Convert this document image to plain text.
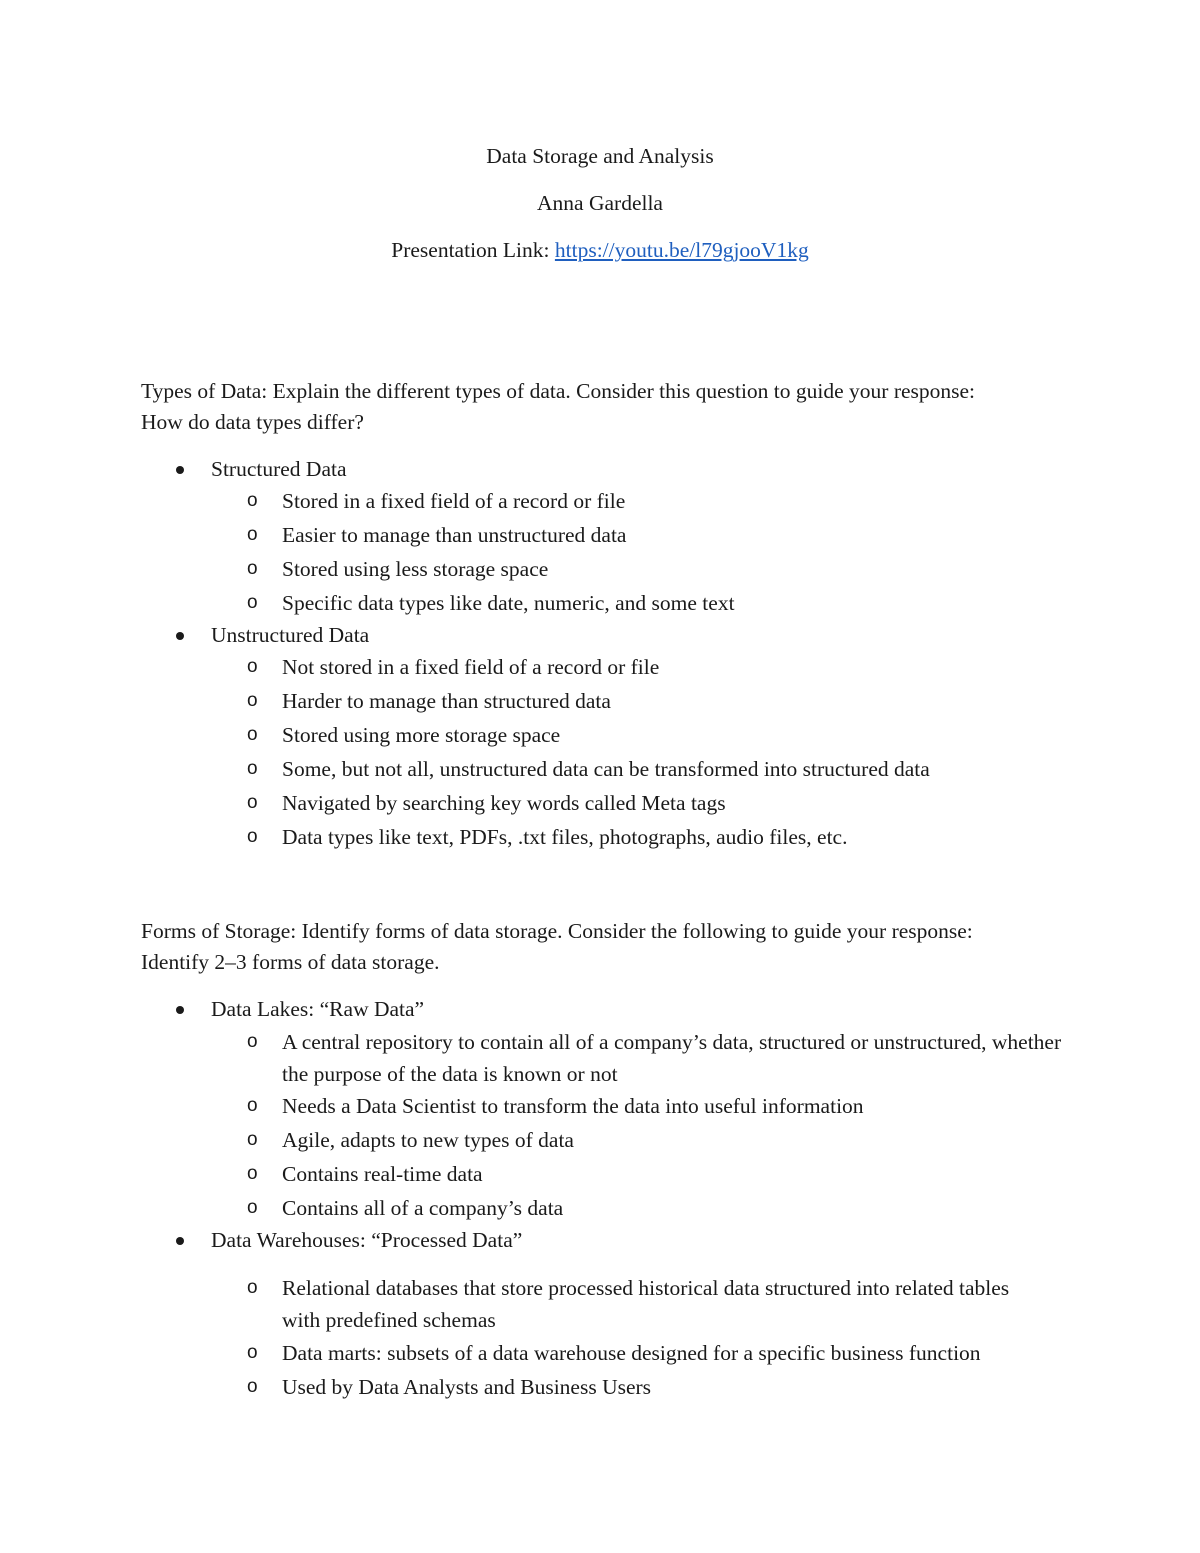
Data Storage and Analysis
Anna Gardella
Presentation Link: https://youtu.be/l79gjooV1kg
Types of Data: Explain the different types of data. Consider this question to guide your response:
How do data types differ?
Structured Data
o Stored in a fixed field of a record or file
o Easier to manage than unstructured data
o Stored using less storage space
o Specific data types like date, numeric, and some text
Unstructured Data
o Not stored in a fixed field of a record or file
o Harder to manage than structured data
o Stored using more storage space
o Some, but not all, unstructured data can be transformed into structured data
o Navigated by searching key words called Meta tags
o Data types like text, PDFs, .txt files, photographs, audio files, etc.
Forms of Storage: Identify forms of data storage. Consider the following to guide your response:
Identify 2–3 forms of data storage.
Data Lakes: “Raw Data”
o A central repository to contain all of a company’s data, structured or unstructured, whether the purpose of the data is known or not
o Needs a Data Scientist to transform the data into useful information
o Agile, adapts to new types of data
o Contains real-time data
o Contains all of a company’s data
Data Warehouses: “Processed Data”
o Relational databases that store processed historical data structured into related tables with predefined schemas
o Data marts: subsets of a data warehouse designed for a specific business function
o Used by Data Analysts and Business Users
